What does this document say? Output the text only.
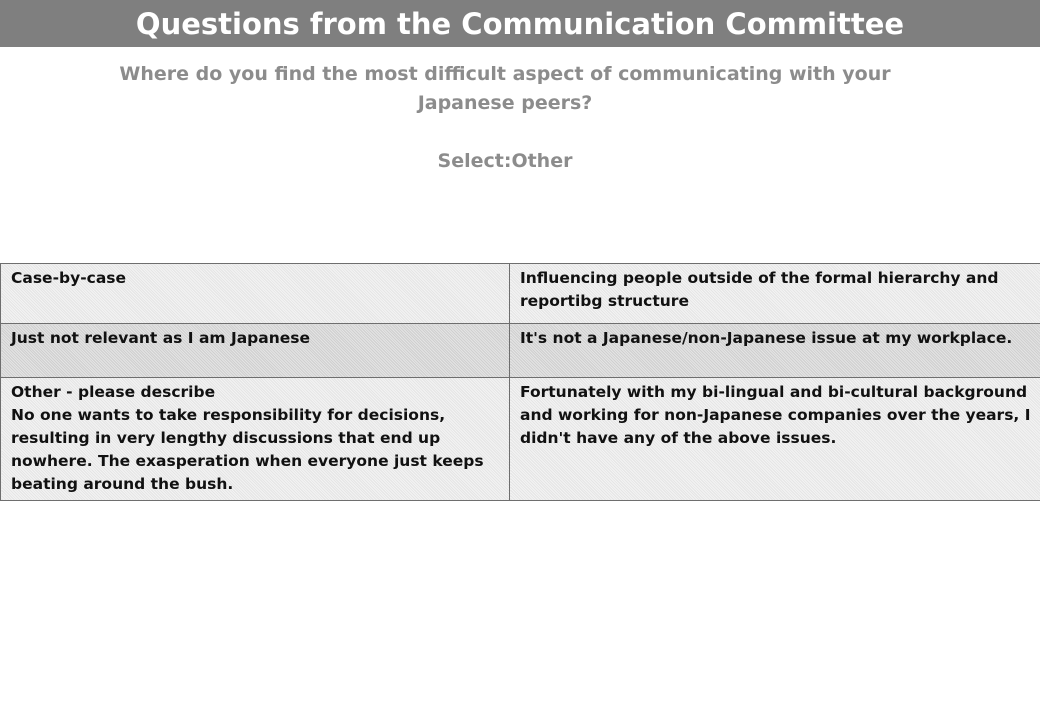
Questions from the Communication Committee

Where do you find the most difficult aspect of communicating with your

Japanese peers?

Select:Other
Case-by-case	Influencing people outside of the formal hierarchy and reportibg structure
Just not relevant as I am Japanese	It's not a Japanese/non-Japanese issue at my workplace.

Other - please describe
No one wants to take responsibility for decisions, resulting in very lengthy discussions that end up nowhere. The exasperation when everyone just keeps beating around the bush.	Fortunately with my bi-lingual and bi-cultural background and working for non-Japanese companies over the years, I didn't have any of the above issues.
